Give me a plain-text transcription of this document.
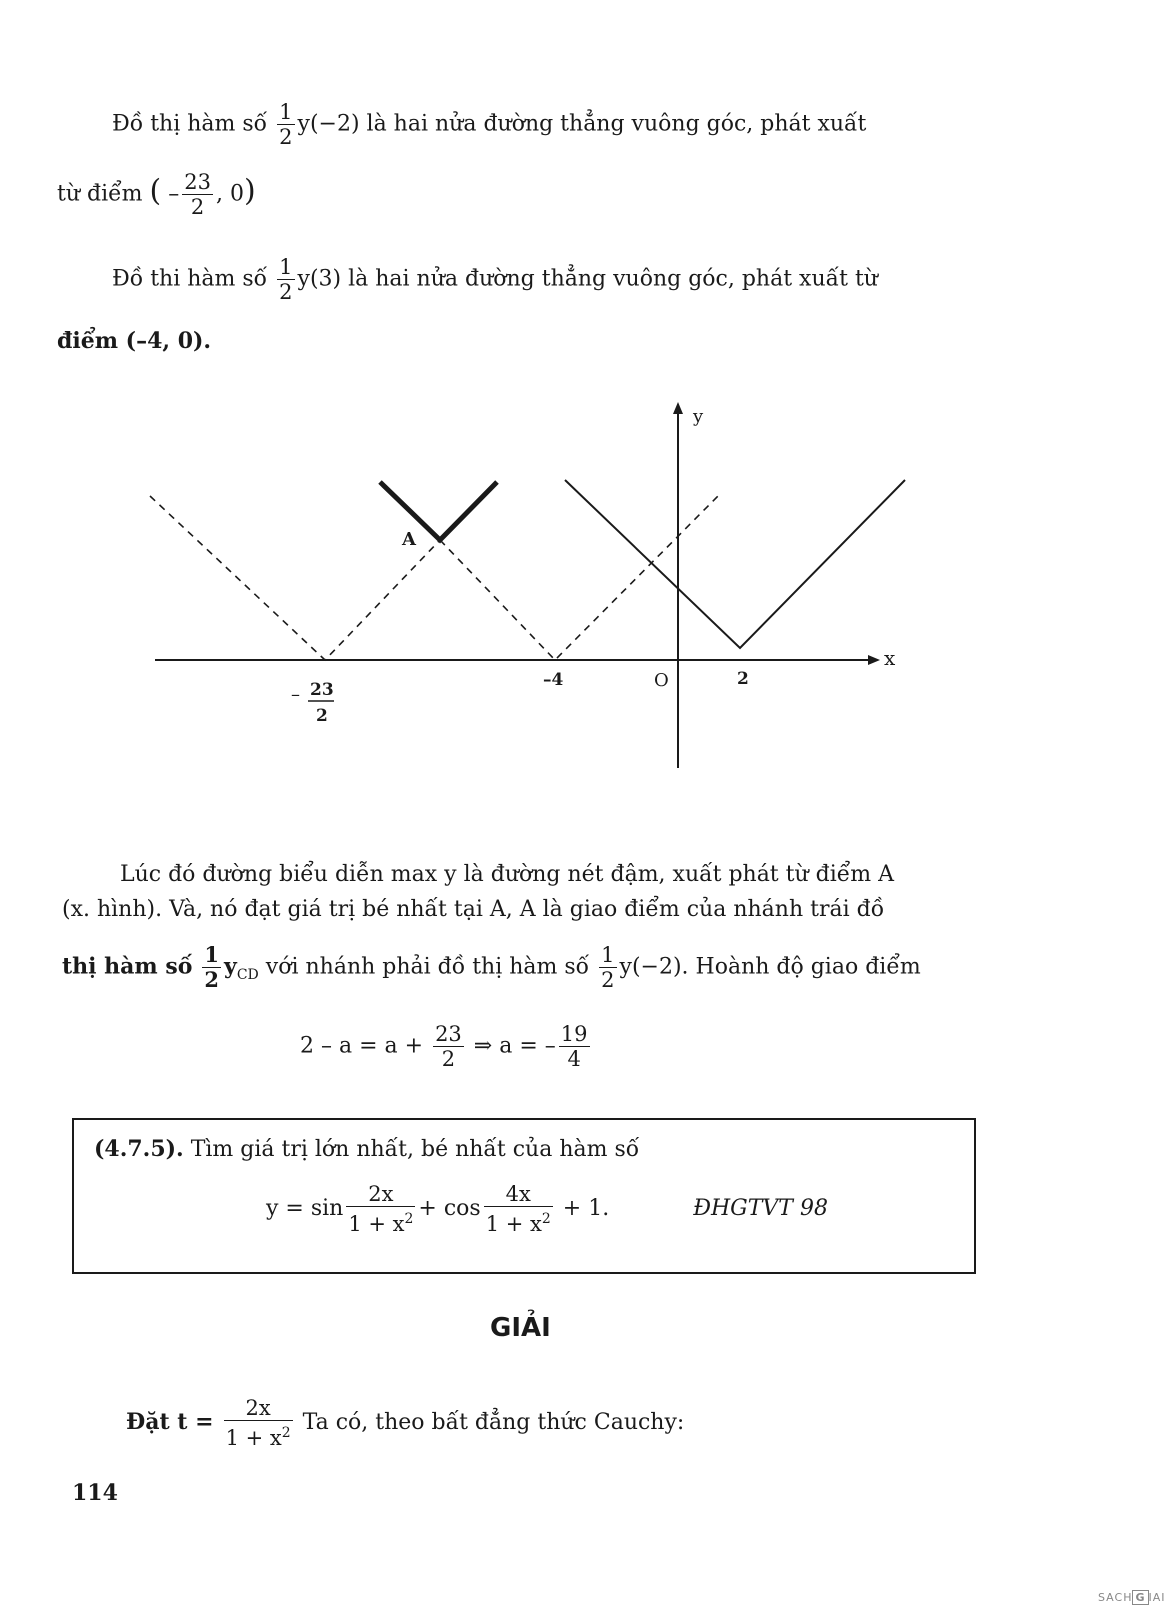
Đồ thị hàm số $\frac{1}{2} y(-2)$ là hai nửa đường thẳng vuông góc, phát xuất
từ điểm ( – $\frac{23}{2}$ , 0)
Đồ thi hàm số $\frac{1}{2} y(3)$ là hai nửa đường thẳng vuông góc, phát xuất từ
điểm (–4, 0).
x
y
A
–4	O	2
– 23
2
Lúc đó đường biểu diễn max y là đường nét đậm, xuất phát từ điểm A
(x. hình). Và, nó đạt giá trị bé nhất tại A, A là giao điểm của nhánh trái đồ
thị hàm số $\frac{1}{2} y_{CD}$ với nhánh phải đồ thị hàm số $\frac{1}{2} y(-2)$. Hoành độ giao điểm
$2 - a = a + \frac{23}{2}$ ⇒ a = – $\frac{19}{4}$
(4.7.5). Tìm giá trị lớn nhất, bé nhất của hàm số
$y = \sin \frac{2x}{1 + x^2} + \cos \frac{4x}{1 + x^2} + 1$.	ĐHGTVT 98
GIẢI
Đặt $t = \frac{2x}{1 + x^2}$ Ta có, theo bất đẳng thức Cauchy:
114
SACH G IAI
